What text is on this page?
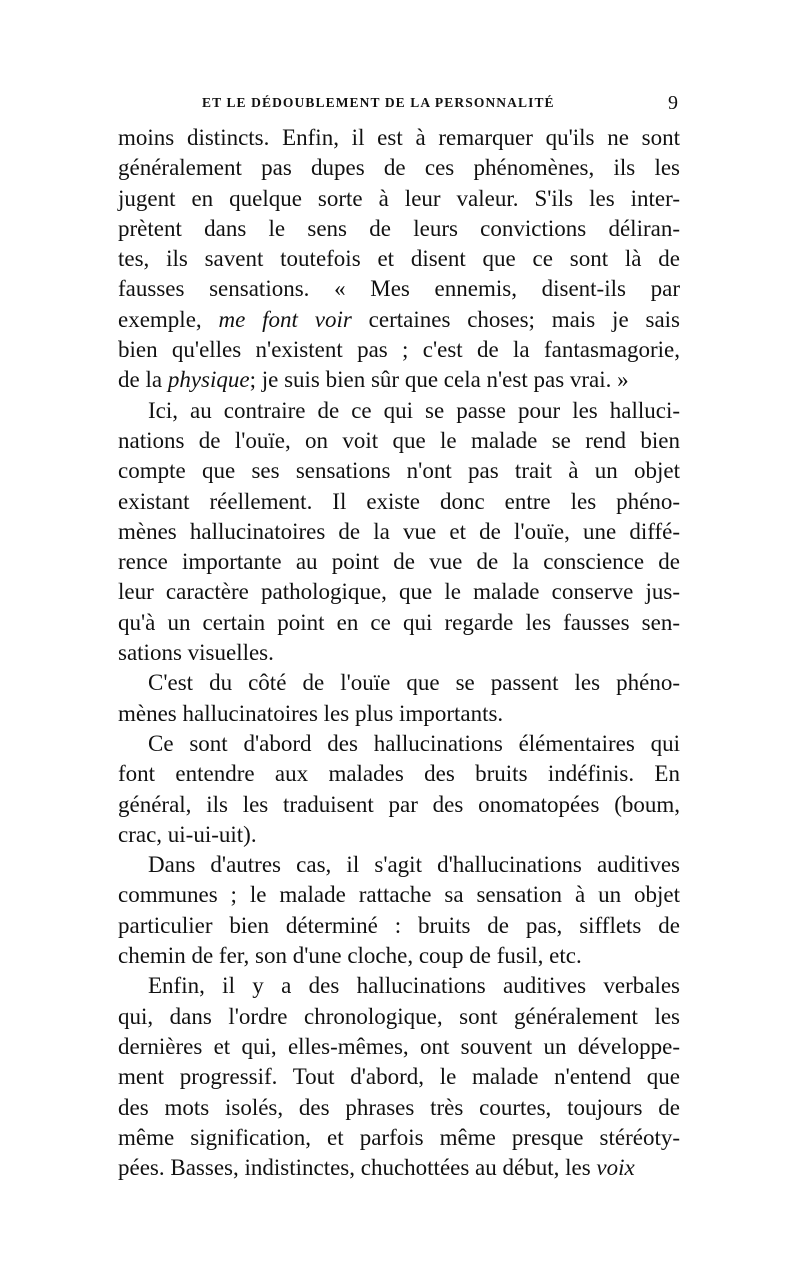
ET LE DÉDOUBLEMENT DE LA PERSONNALITÉ	9
moins distincts. Enfin, il est à remarquer qu'ils ne sont
généralement pas dupes de ces phénomènes, ils les
jugent en quelque sorte à leur valeur. S'ils les inter-
prètent dans le sens de leurs convictions déliran-
tes, ils savent toutefois et disent que ce sont là de
fausses sensations. « Mes ennemis, disent-ils par
exemple, me font voir certaines choses; mais je sais
bien qu'elles n'existent pas ; c'est de la fantasmagorie,
de la physique; je suis bien sûr que cela n'est pas vrai. »
Ici, au contraire de ce qui se passe pour les halluci-
nations de l'ouïe, on voit que le malade se rend bien
compte que ses sensations n'ont pas trait à un objet
existant réellement. Il existe donc entre les phéno-
mènes hallucinatoires de la vue et de l'ouïe, une diffé-
rence importante au point de vue de la conscience de
leur caractère pathologique, que le malade conserve jus-
qu'à un certain point en ce qui regarde les fausses sen-
sations visuelles.
C'est du côté de l'ouïe que se passent les phéno-
mènes hallucinatoires les plus importants.
Ce sont d'abord des hallucinations élémentaires qui
font entendre aux malades des bruits indéfinis. En
général, ils les traduisent par des onomatopées (boum,
crac, ui-ui-uit).
Dans d'autres cas, il s'agit d'hallucinations auditives
communes ; le malade rattache sa sensation à un objet
particulier bien déterminé : bruits de pas, sifflets de
chemin de fer, son d'une cloche, coup de fusil, etc.
Enfin, il y a des hallucinations auditives verbales
qui, dans l'ordre chronologique, sont généralement les
dernières et qui, elles-mêmes, ont souvent un développe-
ment progressif. Tout d'abord, le malade n'entend que
des mots isolés, des phrases très courtes, toujours de
même signification, et parfois même presque stéréoty-
pées. Basses, indistinctes, chuchottées au début, les voix
